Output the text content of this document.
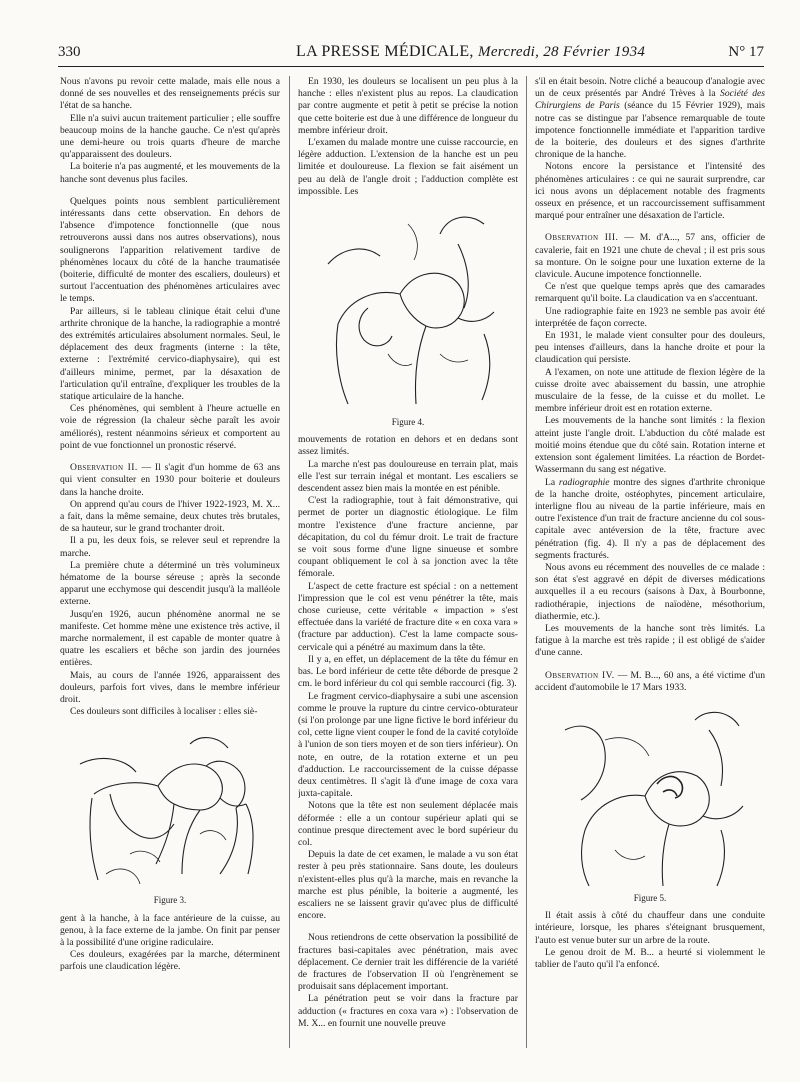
330	LA PRESSE MÉDICALE, Mercredi, 28 Février 1934	N° 17

Nous n'avons pu revoir cette malade, mais elle nous a donné de ses nouvelles et des renseignements précis sur l'état de sa hanche.

Elle n'a suivi aucun traitement particulier ; elle souffre beaucoup moins de la hanche gauche. Ce n'est qu'après une demi-heure ou trois quarts d'heure de marche qu'apparaissent des douleurs.

La boiterie n'a pas augmenté, et les mouvements de la hanche sont devenus plus faciles.

Quelques points nous semblent particulièrement intéressants dans cette observation. En dehors de l'absence d'impotence fonctionnelle (que nous retrouverons aussi dans nos autres observations), nous soulignerons l'apparition relativement tardive de phénomènes locaux du côté de la hanche traumatisée (boiterie, difficulté de monter des escaliers, douleurs) et surtout l'accentuation des phénomènes articulaires avec le temps.

Par ailleurs, si le tableau clinique était celui d'une arthrite chronique de la hanche, la radiographie a montré des extrémités articulaires absolument normales. Seul, le déplacement des deux fragments (interne : la tête, externe : l'extrémité cervico-diaphysaire), qui est d'ailleurs minime, permet, par la désaxation de l'articulation qu'il entraîne, d'expliquer les troubles de la statique articulaire de la hanche.

Ces phénomènes, qui semblent à l'heure actuelle en voie de régression (la chaleur sèche paraît les avoir améliorés), restent néanmoins sérieux et comportent au point de vue fonctionnel un pronostic réservé.

Observation II. — Il s'agit d'un homme de 63 ans qui vient consulter en 1930 pour boiterie et douleurs dans la hanche droite.

On apprend qu'au cours de l'hiver 1922-1923, M. X... a fait, dans la même semaine, deux chutes très brutales, de sa hauteur, sur le grand trochanter droit.

Il a pu, les deux fois, se relever seul et reprendre la marche.

La première chute a déterminé un très volumineux hématome de la bourse séreuse ; après la seconde apparut une ecchymose qui descendit jusqu'à la malléole externe.

Jusqu'en 1926, aucun phénomène anormal ne se manifeste. Cet homme mène une existence très active, il marche normalement, il est capable de monter quatre à quatre les escaliers et bêche son jardin des journées entières.

Mais, au cours de l'année 1926, apparaissent des douleurs, parfois fort vives, dans le membre inférieur droit.

Ces douleurs sont difficiles à localiser : elles siè-

Figure 3.

gent à la hanche, à la face antérieure de la cuisse, au genou, à la face externe de la jambe. On finit par penser à la possibilité d'une origine radiculaire.

Ces douleurs, exagérées par la marche, déterminent parfois une claudication légère.

En 1930, les douleurs se localisent un peu plus à la hanche : elles n'existent plus au repos. La claudication par contre augmente et petit à petit se précise la notion que cette boiterie est due à une différence de longueur du membre inférieur droit.

L'examen du malade montre une cuisse raccourcie, en légère adduction. L'extension de la hanche est un peu limitée et douloureuse. La flexion se fait aisément un peu au delà de l'angle droit ; l'adduction complète est impossible. Les

Figure 4.

mouvements de rotation en dehors et en dedans sont assez limités.

La marche n'est pas douloureuse en terrain plat, mais elle l'est sur terrain inégal et montant. Les escaliers se descendent assez bien mais la montée en est pénible.

C'est la radiographie, tout à fait démonstrative, qui permet de porter un diagnostic étiologique. Le film montre l'existence d'une fracture ancienne, par décapitation, du col du fémur droit. Le trait de fracture se voit sous forme d'une ligne sinueuse et sombre coupant obliquement le col à sa jonction avec la tête fémorale.

L'aspect de cette fracture est spécial : on a nettement l'impression que le col est venu pénétrer la tête, mais chose curieuse, cette véritable « impaction » s'est effectuée dans la variété de fracture dite « en coxa vara » (fracture par adduction). C'est la lame compacte sous-cervicale qui a pénétré au maximum dans la tête.

Il y a, en effet, un déplacement de la tête du fémur en bas. Le bord inférieur de cette tête déborde de presque 2 cm. le bord inférieur du col qui semble raccourci (fig. 3).

Le fragment cervico-diaphysaire a subi une ascension comme le prouve la rupture du cintre cervico-obturateur (si l'on prolonge par une ligne fictive le bord inférieur du col, cette ligne vient couper le fond de la cavité cotyloïde à l'union de son tiers moyen et de son tiers inférieur). On note, en outre, de la rotation externe et un peu d'adduction. Le raccourcissement de la cuisse dépasse deux centimètres. Il s'agit là d'une image de coxa vara juxta-capitale.

Notons que la tête est non seulement déplacée mais déformée : elle a un contour supérieur aplati qui se continue presque directement avec le bord supérieur du col.

Depuis la date de cet examen, le malade a vu son état rester à peu près stationnaire. Sans doute, les douleurs n'existent-elles plus qu'à la marche, mais en revanche la marche est plus pénible, la boiterie a augmenté, les escaliers ne se laissent gravir qu'avec plus de difficulté encore.

Nous retiendrons de cette observation la possibilité de fractures basi-capitales avec pénétration, mais avec déplacement. Ce dernier trait les différencie de la variété de fractures de l'observation II où l'engrènement se produisait sans déplacement important.

La pénétration peut se voir dans la fracture par adduction (« fractures en coxa vara ») : l'observation de M. X... en fournit une nouvelle preuve

s'il en était besoin. Notre cliché a beaucoup d'analogie avec un de ceux présentés par André Trèves à la Société des Chirurgiens de Paris (séance du 15 Février 1929), mais notre cas se distingue par l'absence remarquable de toute impotence fonctionnelle immédiate et l'apparition tardive de la boiterie, des douleurs et des signes d'arthrite chronique de la hanche.

Notons encore la persistance et l'intensité des phénomènes articulaires : ce qui ne saurait surprendre, car ici nous avons un déplacement notable des fragments osseux en présence, et un raccourcissement suffisamment marqué pour entraîner une désaxation de l'article.

Observation III. — M. d'A..., 57 ans, officier de cavalerie, fait en 1921 une chute de cheval ; il est pris sous sa monture. On le soigne pour une luxation externe de la clavicule. Aucune impotence fonctionnelle.

Ce n'est que quelque temps après que des camarades remarquent qu'il boite. La claudication va en s'accentuant.

Une radiographie faite en 1923 ne semble pas avoir été interprétée de façon correcte.

En 1931, le malade vient consulter pour des douleurs, peu intenses d'ailleurs, dans la hanche droite et pour la claudication qui persiste.

A l'examen, on note une attitude de flexion légère de la cuisse droite avec abaissement du bassin, une atrophie musculaire de la fesse, de la cuisse et du mollet. Le membre inférieur droit est en rotation externe.

Les mouvements de la hanche sont limités : la flexion atteint juste l'angle droit. L'abduction du côté malade est moitié moins étendue que du côté sain. Rotation interne et extension sont également limitées. La réaction de Bordet-Wassermann du sang est négative.

La radiographie montre des signes d'arthrite chronique de la hanche droite, ostéophytes, pincement articulaire, interligne flou au niveau de la partie inférieure, mais en outre l'existence d'un trait de fracture ancienne du col sous-capitale avec antéversion de la tête, fracture avec pénétration (fig. 4). Il n'y a pas de déplacement des segments fracturés.

Nous avons eu récemment des nouvelles de ce malade : son état s'est aggravé en dépit de diverses médications auxquelles il a eu recours (saisons à Dax, à Bourbonne, radiothérapie, injections de naïodène, mésothorium, diathermie, etc.).

Les mouvements de la hanche sont très limités. La fatigue à la marche est très rapide ; il est obligé de s'aider d'une canne.

Observation IV. — M. B..., 60 ans, a été victime d'un accident d'automobile le 17 Mars 1933.

Figure 5.

Il était assis à côté du chauffeur dans une conduite intérieure, lorsque, les phares s'éteignant brusquement, l'auto est venue buter sur un arbre de la route.

Le genou droit de M. B... a heurté si violemment le tablier de l'auto qu'il l'a enfoncé.
